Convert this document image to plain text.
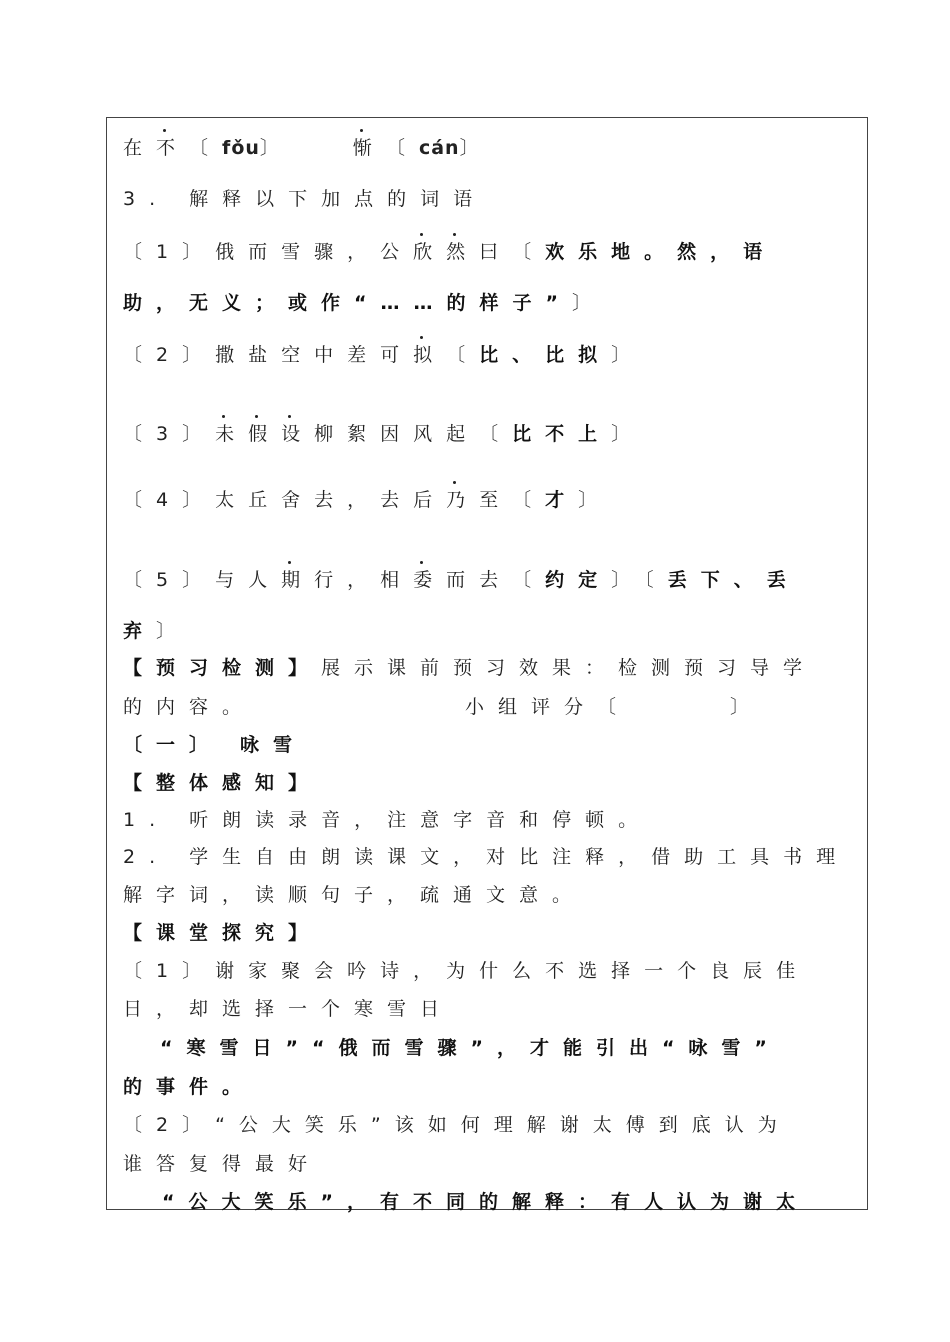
在不〔fǒu〕	惭〔cán〕
3. 解释以下加点的词语
〔1〕俄而雪骤，公欣然曰〔欢乐地。然，语
助，无义；或作“……的样子”〕
〔2〕撒盐空中差可拟〔比、比拟〕
〔3〕未假设柳絮因风起〔比不上〕
〔4〕太丘舍去，去后乃至〔才〕
〔5〕与人期行，相委而去〔约定〕〔丢下、丢
弃〕
【预习检测】展示课前预习效果：检测预习导学
的内容。	小组评分〔	〕
〔一〕 咏雪
【整体感知】
1. 听朗读录音，注意字音和停顿。
2. 学生自由朗读课文，对比注释，借助工具书理
解字词，读顺句子，疏通文意。
【课堂探究】
〔1〕谢家聚会吟诗，为什么不选择一个良辰佳
日，却选择一个寒雪日
“寒雪日”“俄而雪骤”，才能引出“咏雪”
的事件。
〔2〕“公大笑乐”该如何理解谢太傅到底认为
谁答复得最好
“公大笑乐”，有不同的解释：有人认为谢太
